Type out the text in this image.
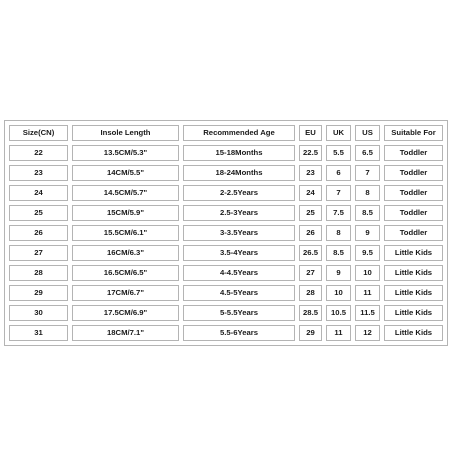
Size(CN)	Insole Length	Recommended Age	EU	UK	US	Suitable For
22	13.5CM/5.3"	15-18Months	22.5	5.5	6.5	Toddler
23	14CM/5.5"	18-24Months	23	6	7	Toddler
24	14.5CM/5.7"	2-2.5Years	24	7	8	Toddler
25	15CM/5.9"	2.5-3Years	25	7.5	8.5	Toddler
26	15.5CM/6.1"	3-3.5Years	26	8	9	Toddler
27	16CM/6.3"	3.5-4Years	26.5	8.5	9.5	Little Kids
28	16.5CM/6.5"	4-4.5Years	27	9	10	Little Kids
29	17CM/6.7"	4.5-5Years	28	10	11	Little Kids
30	17.5CM/6.9"	5-5.5Years	28.5	10.5	11.5	Little Kids
31	18CM/7.1"	5.5-6Years	29	11	12	Little Kids
